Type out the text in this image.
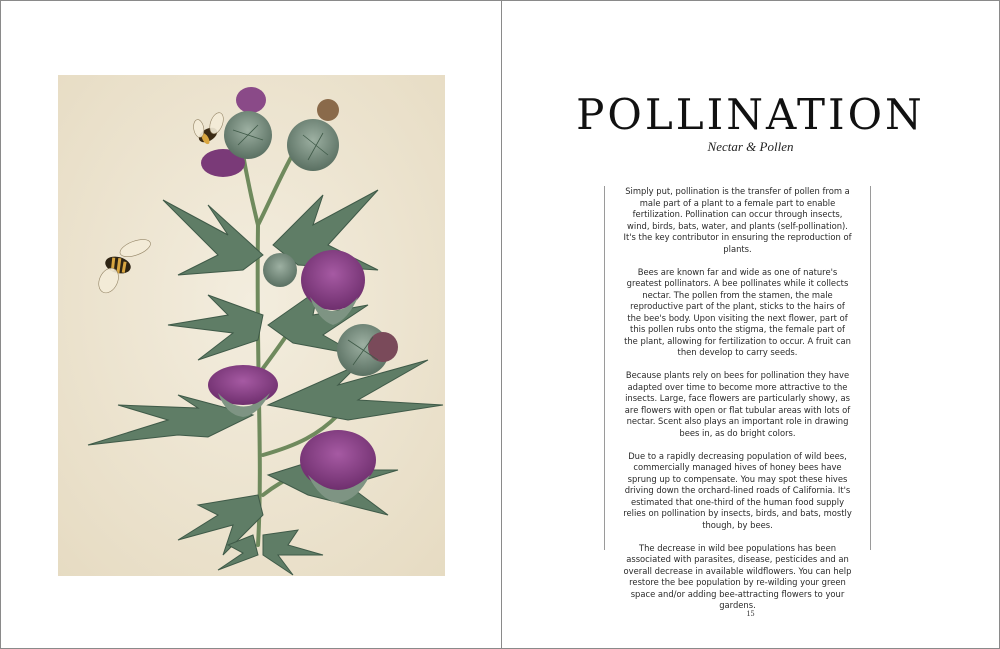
POLLINATION
Nectar & Pollen

Simply put, pollination is the transfer of pollen from a male part of a plant to a female part to enable fertilization. Pollination can occur through insects, wind, birds, bats, water, and plants (self-pollination). It's the key contributor in ensuring the reproduction of plants.

Bees are known far and wide as one of nature's greatest pollinators. A bee pollinates while it collects nectar. The pollen from the stamen, the male reproductive part of the plant, sticks to the hairs of the bee's body. Upon visiting the next flower, part of this pollen rubs onto the stigma, the female part of the plant, allowing for fertilization to occur. A fruit can then develop to carry seeds.

Because plants rely on bees for pollination they have adapted over time to become more attractive to the insects. Large, face flowers are particularly showy, as are flowers with open or flat tubular areas with lots of nectar. Scent also plays an important role in drawing bees in, as do bright colors.

Due to a rapidly decreasing population of wild bees, commercially managed hives of honey bees have sprung up to compensate. You may spot these hives driving down the orchard-lined roads of California. It's estimated that one-third of the human food supply relies on pollination by insects, birds, and bats, mostly though, by bees.

The decrease in wild bee populations has been associated with parasites, disease, pesticides and an overall decrease in available wildflowers. You can help restore the bee population by re-wilding your green space and/or adding bee-attracting flowers to your gardens.

15
